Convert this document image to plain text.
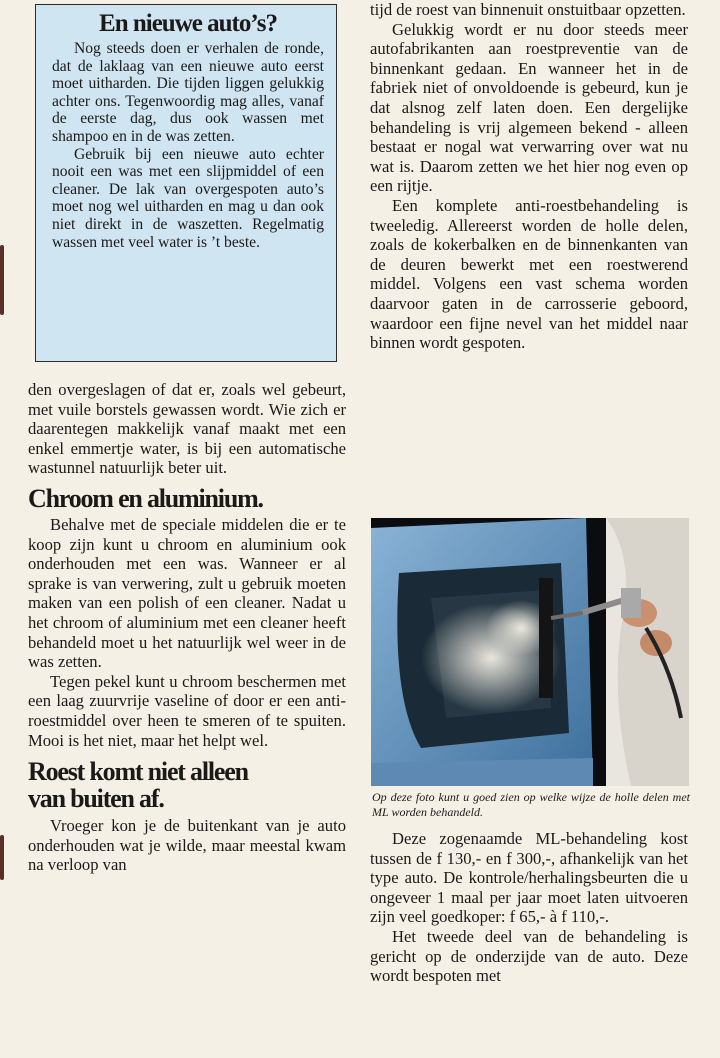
En nieuwe auto’s?

Nog steeds doen er verhalen de ronde, dat de laklaag van een nieuwe auto eerst moet uitharden. Die tijden liggen gelukkig achter ons. Tegenwoordig mag alles, vanaf de eerste dag, dus ook wassen met shampoo en in de was zetten.

Gebruik bij een nieuwe auto echter nooit een was met een slijpmiddel of een cleaner. De lak van overgespoten auto’s moet nog wel uitharden en mag u dan ook niet direkt in de waszetten. Regelmatig wassen met veel water is ’t beste.

den overgeslagen of dat er, zoals wel gebeurt, met vuile borstels gewassen wordt. Wie zich er daarentegen makkelijk vanaf maakt met een enkel emmertje water, is bij een automatische wastunnel natuurlijk beter uit.

Chroom en aluminium.

Behalve met de speciale middelen die er te koop zijn kunt u chroom en aluminium ook onderhouden met een was. Wanneer er al sprake is van verwering, zult u gebruik moeten maken van een polish of een cleaner. Nadat u het chroom of aluminium met een cleaner heeft behandeld moet u het natuurlijk wel weer in de was zetten.

Tegen pekel kunt u chroom beschermen met een laag zuurvrije vaseline of door er een anti-roestmiddel over heen te smeren of te spuiten. Mooi is het niet, maar het helpt wel.

Roest komt niet alleen
van buiten af.

Vroeger kon je de buitenkant van je auto onderhouden wat je wilde, maar meestal kwam na verloop van

tijd de roest van binnenuit onstuitbaar opzetten.

Gelukkig wordt er nu door steeds meer autofabrikanten aan roestpreventie van de binnenkant gedaan. En wanneer het in de fabriek niet of onvoldoende is gebeurd, kun je dat alsnog zelf laten doen. Een dergelijke behandeling is vrij algemeen bekend - alleen bestaat er nogal wat verwarring over wat nu wat is. Daarom zetten we het hier nog even op een rijtje.

Een komplete anti-roestbehandeling is tweeledig. Allereerst worden de holle delen, zoals de kokerbalken en de binnenkanten van de deuren bewerkt met een roestwerend middel. Volgens een vast schema worden daarvoor gaten in de carrosserie geboord, waardoor een fijne nevel van het middel naar binnen wordt gespoten.

Op deze foto kunt u goed zien op welke wijze de holle delen met ML worden behandeld.

Deze zogenaamde ML-behandeling kost tussen de f 130,- en f 300,-, afhankelijk van het type auto. De kontrole/herhalingsbeurten die u ongeveer 1 maal per jaar moet laten uitvoeren zijn veel goedkoper: f 65,- à f 110,-.

Het tweede deel van de behandeling is gericht op de onderzijde van de auto. Deze wordt bespoten met
